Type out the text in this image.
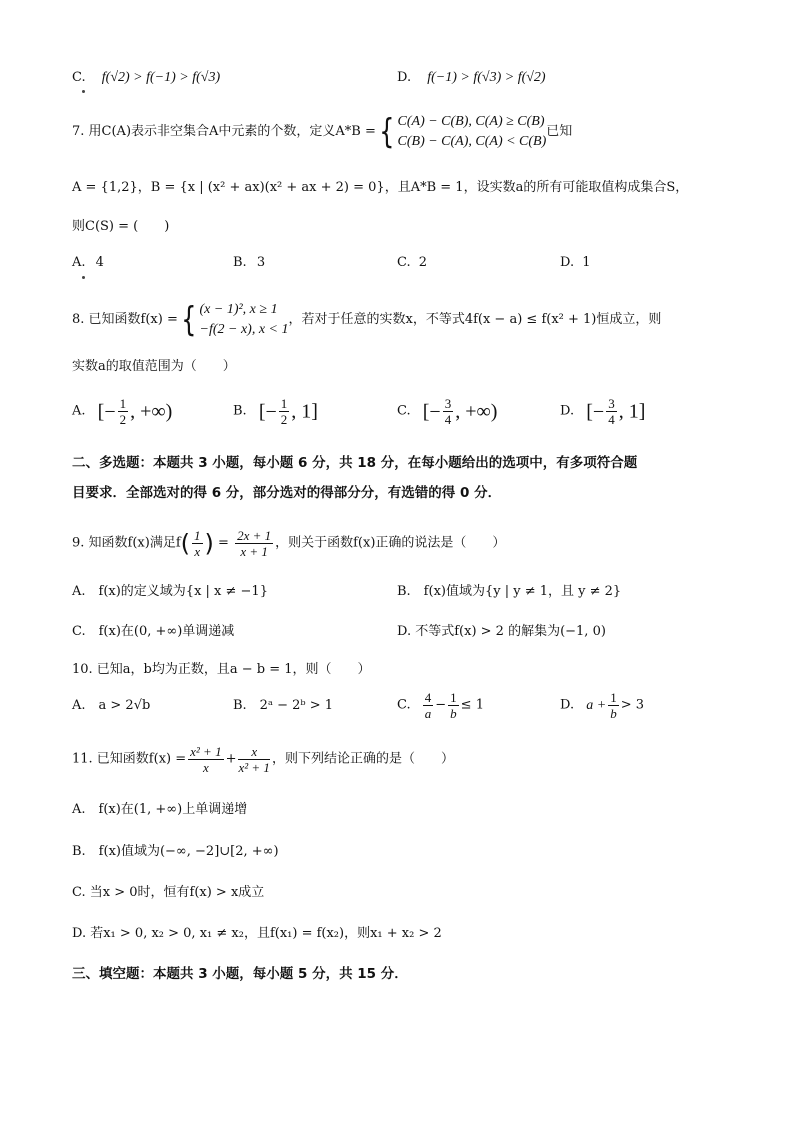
C. f(√2) > f(−1) > f(√3)	D. f(−1) > f(√3) > f(√2)
7. 用C(A)表示非空集合A中元素的个数，定义A*B ={ C(A) − C(B), C(A) ≥ C(B)
C(B) − C(A), C(A) < C(B)
已知
A = {1,2}，B = {x | (x² + ax)(x² + ax + 2) = 0}，且A*B = 1，设实数a的所有可能取值构成集合S，
则C(S) = (　　)
A. 4	B. 3	C. 2	D. 1
8. 已知函数f(x) ={ (x − 1)², x ≥ 1
−f(2 − x), x < 1
，若对于任意的实数x，不等式4f(x − a) ≤ f(x² + 1)恒成立，则
实数a的取值范围为（　　）
A. [− $\frac{1}{2}$ , +∞)	B. [− $\frac{1}{2}$ , 1]	C. [− $\frac{3}{4}$ , +∞)	D. [− $\frac{3}{4}$ , 1]
二、多选题：本题共 3 小题，每小题 6 分，共 18 分，在每小题给出的选项中，有多项符合题
目要求．全部选对的得 6 分，部分选对的得部分分，有选错的得 0 分．
9. 知函数f(x)满足$f( \frac{1}{x}$ ) = $\frac{2x + 1}{x + 1}$ ，则关于函数f(x)正确的说法是（　　）
A.　f(x)的定义域为{x | x ≠ −1}	B.　f(x)值域为{y | y ≠ 1，且 y ≠ 2}
C.　f(x)在(0, +∞)单调递减	D. 不等式f(x) > 2 的解集为(−1, 0)
10. 已知a，b均为正数，且a − b = 1，则（　　）
A.　a > 2√b	B.　2ᵃ − 2ᵇ > 1	C. $\frac{4}{a} - \frac{1}{b} \le 1$	D. $a + \frac{1}{b} > 3$
11. 已知函数$f(x) = \frac{\text{x² + 1}}{x} + \frac{x}{\text{x² + 1}}$ ，则下列结论正确的是（　　）
A.　f(x)在(1, +∞)上单调递增
B.　f(x)值域为(−∞, −2]∪[2, +∞)
C. 当x > 0时，恒有f(x) > x成立
D. 若x₁ > 0, x₂ > 0, x₁ ≠ x₂，且f(x₁) = f(x₂)，则x₁ + x₂ > 2
三、填空题：本题共 3 小题，每小题 5 分，共 15 分．
